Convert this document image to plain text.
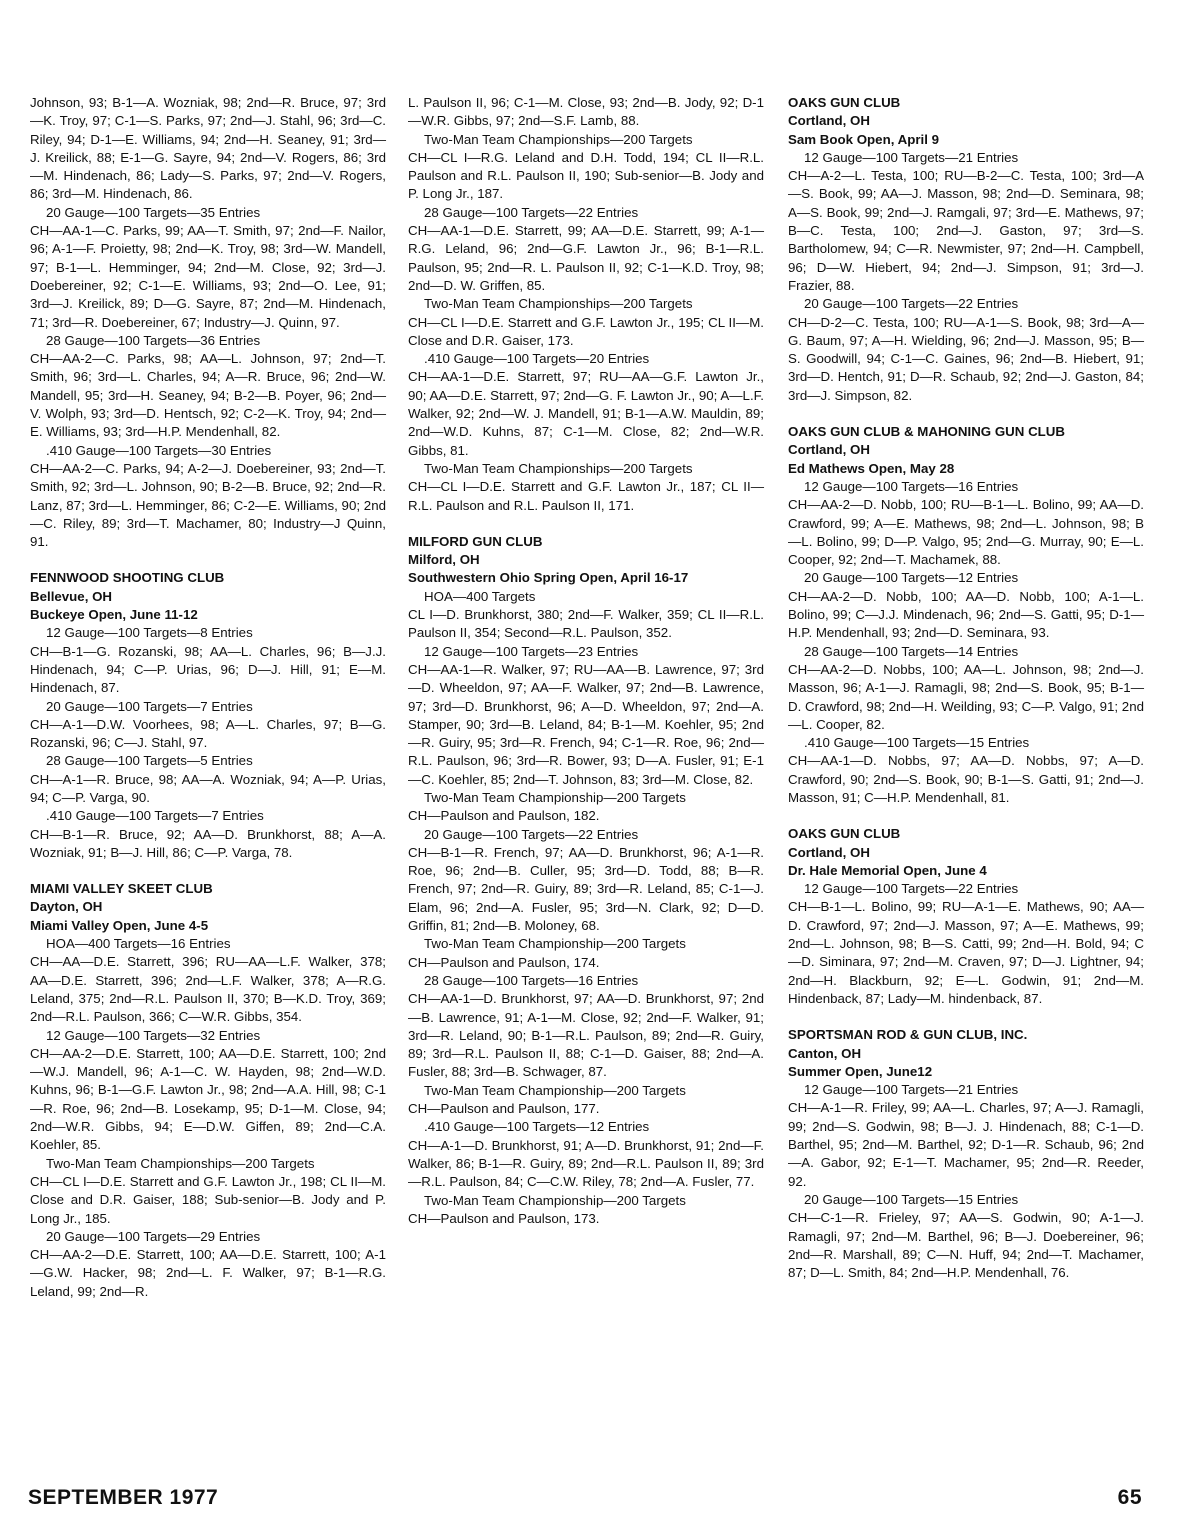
Johnson, 93; B-1—A. Wozniak, 98; 2nd—R. Bruce, 97; 3rd—K. Troy, 97; C-1—S. Parks, 97; 2nd—J. Stahl, 96; 3rd—C. Riley, 94; D-1—E. Williams, 94; 2nd—H. Seaney, 91; 3rd—J. Kreilick, 88; E-1—G. Sayre, 94; 2nd—V. Rogers, 86; 3rd—M. Hindenach, 86; Lady—S. Parks, 97; 2nd—V. Rogers, 86; 3rd—M. Hindenach, 86.

20 Gauge—100 Targets—35 Entries

CH—AA-1—C. Parks, 99; AA—T. Smith, 97; 2nd—F. Nailor, 96; A-1—F. Proietty, 98; 2nd—K. Troy, 98; 3rd—W. Mandell, 97; B-1—L. Hemminger, 94; 2nd—M. Close, 92; 3rd—J. Doebereiner, 92; C-1—E. Williams, 93; 2nd—O. Lee, 91; 3rd—J. Kreilick, 89; D—G. Sayre, 87; 2nd—M. Hindenach, 71; 3rd—R. Doebereiner, 67; Industry—J. Quinn, 97.

28 Gauge—100 Targets—36 Entries

CH—AA-2—C. Parks, 98; AA—L. Johnson, 97; 2nd—T. Smith, 96; 3rd—L. Charles, 94; A—R. Bruce, 96; 2nd—W. Mandell, 95; 3rd—H. Seaney, 94; B-2—B. Poyer, 96; 2nd—V. Wolph, 93; 3rd—D. Hentsch, 92; C-2—K. Troy, 94; 2nd—E. Williams, 93; 3rd—H.P. Mendenhall, 82.

.410 Gauge—100 Targets—30 Entries

CH—AA-2—C. Parks, 94; A-2—J. Doebereiner, 93; 2nd—T. Smith, 92; 3rd—L. Johnson, 90; B-2—B. Bruce, 92; 2nd—R. Lanz, 87; 3rd—L. Hemminger, 86; C-2—E. Williams, 90; 2nd—C. Riley, 89; 3rd—T. Machamer, 80; Industry—J Quinn, 91.

FENNWOOD SHOOTING CLUB

Bellevue, OH

Buckeye Open, June 11-12

12 Gauge—100 Targets—8 Entries

CH—B-1—G. Rozanski, 98; AA—L. Charles, 96; B—J.J. Hindenach, 94; C—P. Urias, 96; D—J. Hill, 91; E—M. Hindenach, 87.

20 Gauge—100 Targets—7 Entries

CH—A-1—D.W. Voorhees, 98; A—L. Charles, 97; B—G. Rozanski, 96; C—J. Stahl, 97.

28 Gauge—100 Targets—5 Entries

CH—A-1—R. Bruce, 98; AA—A. Wozniak, 94; A—P. Urias, 94; C—P. Varga, 90.

.410 Gauge—100 Targets—7 Entries

CH—B-1—R. Bruce, 92; AA—D. Brunkhorst, 88; A—A. Wozniak, 91; B—J. Hill, 86; C—P. Varga, 78.

MIAMI VALLEY SKEET CLUB

Dayton, OH

Miami Valley Open, June 4-5

HOA—400 Targets—16 Entries

CH—AA—D.E. Starrett, 396; RU—AA—L.F. Walker, 378; AA—D.E. Starrett, 396; 2nd—L.F. Walker, 378; A—R.G. Leland, 375; 2nd—R.L. Paulson II, 370; B—K.D. Troy, 369; 2nd—R.L. Paulson, 366; C—W.R. Gibbs, 354.

12 Gauge—100 Targets—32 Entries

CH—AA-2—D.E. Starrett, 100; AA—D.E. Starrett, 100; 2nd—W.J. Mandell, 96; A-1—C. W. Hayden, 98; 2nd—W.D. Kuhns, 96; B-1—G.F. Lawton Jr., 98; 2nd—A.A. Hill, 98; C-1—R. Roe, 96; 2nd—B. Losekamp, 95; D-1—M. Close, 94; 2nd—W.R. Gibbs, 94; E—D.W. Giffen, 89; 2nd—C.A. Koehler, 85.

Two-Man Team Championships—200 Targets

CH—CL I—D.E. Starrett and G.F. Lawton Jr., 198; CL II—M. Close and D.R. Gaiser, 188; Sub-senior—B. Jody and P. Long Jr., 185.

20 Gauge—100 Targets—29 Entries

CH—AA-2—D.E. Starrett, 100; AA—D.E. Starrett, 100; A-1—G.W. Hacker, 98; 2nd—L. F. Walker, 97; B-1—R.G. Leland, 99; 2nd—R.

L. Paulson II, 96; C-1—M. Close, 93; 2nd—B. Jody, 92; D-1—W.R. Gibbs, 97; 2nd—S.F. Lamb, 88.

Two-Man Team Championships—200 Targets

CH—CL I—R.G. Leland and D.H. Todd, 194; CL II—R.L. Paulson and R.L. Paulson II, 190; Sub-senior—B. Jody and P. Long Jr., 187.

28 Gauge—100 Targets—22 Entries

CH—AA-1—D.E. Starrett, 99; AA—D.E. Starrett, 99; A-1—R.G. Leland, 96; 2nd—G.F. Lawton Jr., 96; B-1—R.L. Paulson, 95; 2nd—R. L. Paulson II, 92; C-1—K.D. Troy, 98; 2nd—D. W. Griffen, 85.

Two-Man Team Championships—200 Targets

CH—CL I—D.E. Starrett and G.F. Lawton Jr., 195; CL II—M. Close and D.R. Gaiser, 173.

.410 Gauge—100 Targets—20 Entries

CH—AA-1—D.E. Starrett, 97; RU—AA—G.F. Lawton Jr., 90; AA—D.E. Starrett, 97; 2nd—G. F. Lawton Jr., 90; A—L.F. Walker, 92; 2nd—W. J. Mandell, 91; B-1—A.W. Mauldin, 89; 2nd—W.D. Kuhns, 87; C-1—M. Close, 82; 2nd—W.R. Gibbs, 81.

Two-Man Team Championships—200 Targets

CH—CL I—D.E. Starrett and G.F. Lawton Jr., 187; CL II—R.L. Paulson and R.L. Paulson II, 171.

MILFORD GUN CLUB

Milford, OH

Southwestern Ohio Spring Open, April 16-17

HOA—400 Targets

CL I—D. Brunkhorst, 380; 2nd—F. Walker, 359; CL II—R.L. Paulson II, 354; Second—R.L. Paulson, 352.

12 Gauge—100 Targets—23 Entries

CH—AA-1—R. Walker, 97; RU—AA—B. Lawrence, 97; 3rd—D. Wheeldon, 97; AA—F. Walker, 97; 2nd—B. Lawrence, 97; 3rd—D. Brunkhorst, 96; A—D. Wheeldon, 97; 2nd—A. Stamper, 90; 3rd—B. Leland, 84; B-1—M. Koehler, 95; 2nd—R. Guiry, 95; 3rd—R. French, 94; C-1—R. Roe, 96; 2nd—R.L. Paulson, 96; 3rd—R. Bower, 93; D—A. Fusler, 91; E-1—C. Koehler, 85; 2nd—T. Johnson, 83; 3rd—M. Close, 82.

Two-Man Team Championship—200 Targets

CH—Paulson and Paulson, 182.

20 Gauge—100 Targets—22 Entries

CH—B-1—R. French, 97; AA—D. Brunkhorst, 96; A-1—R. Roe, 96; 2nd—B. Culler, 95; 3rd—D. Todd, 88; B—R. French, 97; 2nd—R. Guiry, 89; 3rd—R. Leland, 85; C-1—J. Elam, 96; 2nd—A. Fusler, 95; 3rd—N. Clark, 92; D—D. Griffin, 81; 2nd—B. Moloney, 68.

Two-Man Team Championship—200 Targets

CH—Paulson and Paulson, 174.

28 Gauge—100 Targets—16 Entries

CH—AA-1—D. Brunkhorst, 97; AA—D. Brunkhorst, 97; 2nd—B. Lawrence, 91; A-1—M. Close, 92; 2nd—F. Walker, 91; 3rd—R. Leland, 90; B-1—R.L. Paulson, 89; 2nd—R. Guiry, 89; 3rd—R.L. Paulson II, 88; C-1—D. Gaiser, 88; 2nd—A. Fusler, 88; 3rd—B. Schwager, 87.

Two-Man Team Championship—200 Targets

CH—Paulson and Paulson, 177.

.410 Gauge—100 Targets—12 Entries

CH—A-1—D. Brunkhorst, 91; A—D. Brunkhorst, 91; 2nd—F. Walker, 86; B-1—R. Guiry, 89; 2nd—R.L. Paulson II, 89; 3rd—R.L. Paulson, 84; C—C.W. Riley, 78; 2nd—A. Fusler, 77.

Two-Man Team Championship—200 Targets

CH—Paulson and Paulson, 173.

OAKS GUN CLUB

Cortland, OH

Sam Book Open, April 9

12 Gauge—100 Targets—21 Entries

CH—A-2—L. Testa, 100; RU—B-2—C. Testa, 100; 3rd—A—S. Book, 99; AA—J. Masson, 98; 2nd—D. Seminara, 98; A—S. Book, 99; 2nd—J. Ramgali, 97; 3rd—E. Mathews, 97; B—C. Testa, 100; 2nd—J. Gaston, 97; 3rd—S. Bartholomew, 94; C—R. Newmister, 97; 2nd—H. Campbell, 96; D—W. Hiebert, 94; 2nd—J. Simpson, 91; 3rd—J. Frazier, 88.

20 Gauge—100 Targets—22 Entries

CH—D-2—C. Testa, 100; RU—A-1—S. Book, 98; 3rd—A—G. Baum, 97; A—H. Wielding, 96; 2nd—J. Masson, 95; B—S. Goodwill, 94; C-1—C. Gaines, 96; 2nd—B. Hiebert, 91; 3rd—D. Hentch, 91; D—R. Schaub, 92; 2nd—J. Gaston, 84; 3rd—J. Simpson, 82.

OAKS GUN CLUB & MAHONING GUN CLUB

Cortland, OH

Ed Mathews Open, May 28

12 Gauge—100 Targets—16 Entries

CH—AA-2—D. Nobb, 100; RU—B-1—L. Bolino, 99; AA—D. Crawford, 99; A—E. Mathews, 98; 2nd—L. Johnson, 98; B—L. Bolino, 99; D—P. Valgo, 95; 2nd—G. Murray, 90; E—L. Cooper, 92; 2nd—T. Machamek, 88.

20 Gauge—100 Targets—12 Entries

CH—AA-2—D. Nobb, 100; AA—D. Nobb, 100; A-1—L. Bolino, 99; C—J.J. Mindenach, 96; 2nd—S. Gatti, 95; D-1—H.P. Mendenhall, 93; 2nd—D. Seminara, 93.

28 Gauge—100 Targets—14 Entries

CH—AA-2—D. Nobbs, 100; AA—L. Johnson, 98; 2nd—J. Masson, 96; A-1—J. Ramagli, 98; 2nd—S. Book, 95; B-1—D. Crawford, 98; 2nd—H. Weilding, 93; C—P. Valgo, 91; 2nd—L. Cooper, 82.

.410 Gauge—100 Targets—15 Entries

CH—AA-1—D. Nobbs, 97; AA—D. Nobbs, 97; A—D. Crawford, 90; 2nd—S. Book, 90; B-1—S. Gatti, 91; 2nd—J. Masson, 91; C—H.P. Mendenhall, 81.

OAKS GUN CLUB

Cortland, OH

Dr. Hale Memorial Open, June 4

12 Gauge—100 Targets—22 Entries

CH—B-1—L. Bolino, 99; RU—A-1—E. Mathews, 90; AA—D. Crawford, 97; 2nd—J. Masson, 97; A—E. Mathews, 99; 2nd—L. Johnson, 98; B—S. Catti, 99; 2nd—H. Bold, 94; C—D. Siminara, 97; 2nd—M. Craven, 97; D—J. Lightner, 94; 2nd—H. Blackburn, 92; E—L. Godwin, 91; 2nd—M. Hindenback, 87; Lady—M. hindenback, 87.

SPORTSMAN ROD & GUN CLUB, INC.

Canton, OH

Summer Open, June12

12 Gauge—100 Targets—21 Entries

CH—A-1—R. Friley, 99; AA—L. Charles, 97; A—J. Ramagli, 99; 2nd—S. Godwin, 98; B—J. J. Hindenach, 88; C-1—D. Barthel, 95; 2nd—M. Barthel, 92; D-1—R. Schaub, 96; 2nd—A. Gabor, 92; E-1—T. Machamer, 95; 2nd—R. Reeder, 92.

20 Gauge—100 Targets—15 Entries

CH—C-1—R. Frieley, 97; AA—S. Godwin, 90; A-1—J. Ramagli, 97; 2nd—M. Barthel, 96; B—J. Doebereiner, 96; 2nd—R. Marshall, 89; C—N. Huff, 94; 2nd—T. Machamer, 87; D—L. Smith, 84; 2nd—H.P. Mendenhall, 76.

SEPTEMBER 1977	65
